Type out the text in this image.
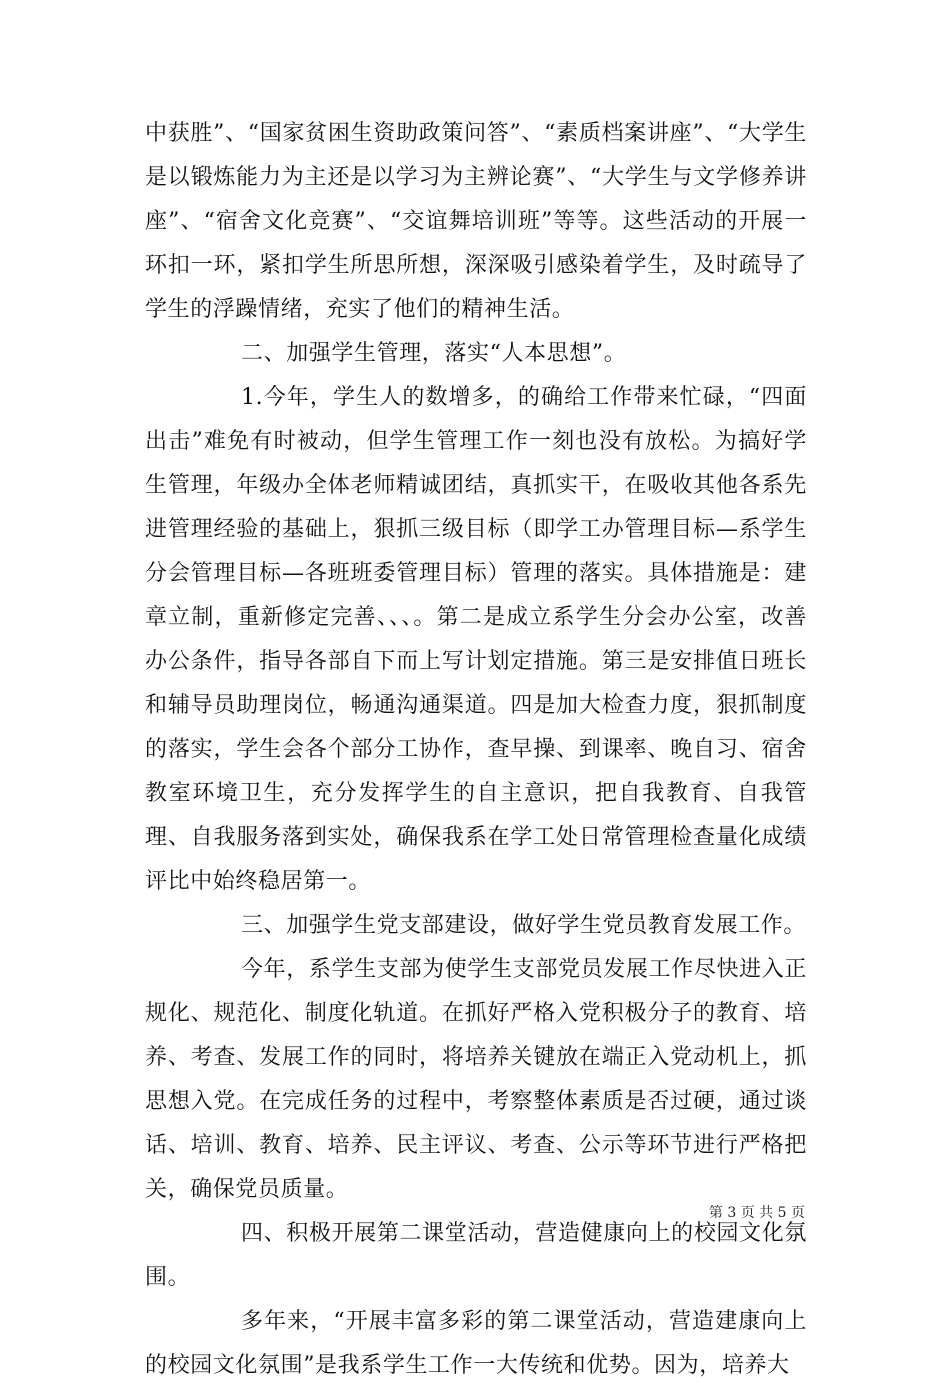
中获胜”、“国家贫困生资助政策问答”、“素质档案讲座”、“大学生是以锻炼能力为主还是以学习为主辨论赛”、“大学生与文学修养讲座”、“宿舍文化竞赛”、“交谊舞培训班”等等。这些活动的开展一环扣一环，紧扣学生所思所想，深深吸引感染着学生，及时疏导了学生的浮躁情绪，充实了他们的精神生活。

二、加强学生管理，落实“人本思想”。

1.今年，学生人的数增多，的确给工作带来忙碌，“四面出击”难免有时被动，但学生管理工作一刻也没有放松。为搞好学生管理，年级办全体老师精诚团结，真抓实干，在吸收其他各系先进管理经验的基础上，狠抓三级目标（即学工办管理目标—系学生分会管理目标—各班班委管理目标）管理的落实。具体措施是：建章立制，重新修定完善、、、。第二是成立系学生分会办公室，改善办公条件，指导各部自下而上写计划定措施。第三是安排值日班长和辅导员助理岗位，畅通沟通渠道。四是加大检查力度，狠抓制度的落实，学生会各个部分工协作，查早操、到课率、晚自习、宿舍教室环境卫生，充分发挥学生的自主意识，把自我教育、自我管理、自我服务落到实处，确保我系在学工处日常管理检查量化成绩评比中始终稳居第一。

三、加强学生党支部建设，做好学生党员教育发展工作。

今年，系学生支部为使学生支部党员发展工作尽快进入正规化、规范化、制度化轨道。在抓好严格入党积极分子的教育、培养、考查、发展工作的同时，将培养关键放在端正入党动机上，抓思想入党。在完成任务的过程中，考察整体素质是否过硬，通过谈话、培训、教育、培养、民主评议、考查、公示等环节进行严格把关，确保党员质量。

四、积极开展第二课堂活动，营造健康向上的校园文化氛围。

多年来，“开展丰富多彩的第二课堂活动，营造建康向上的校园文化氛围”是我系学生工作一大传统和优势。因为，培养大

第 3 页 共 5 页
